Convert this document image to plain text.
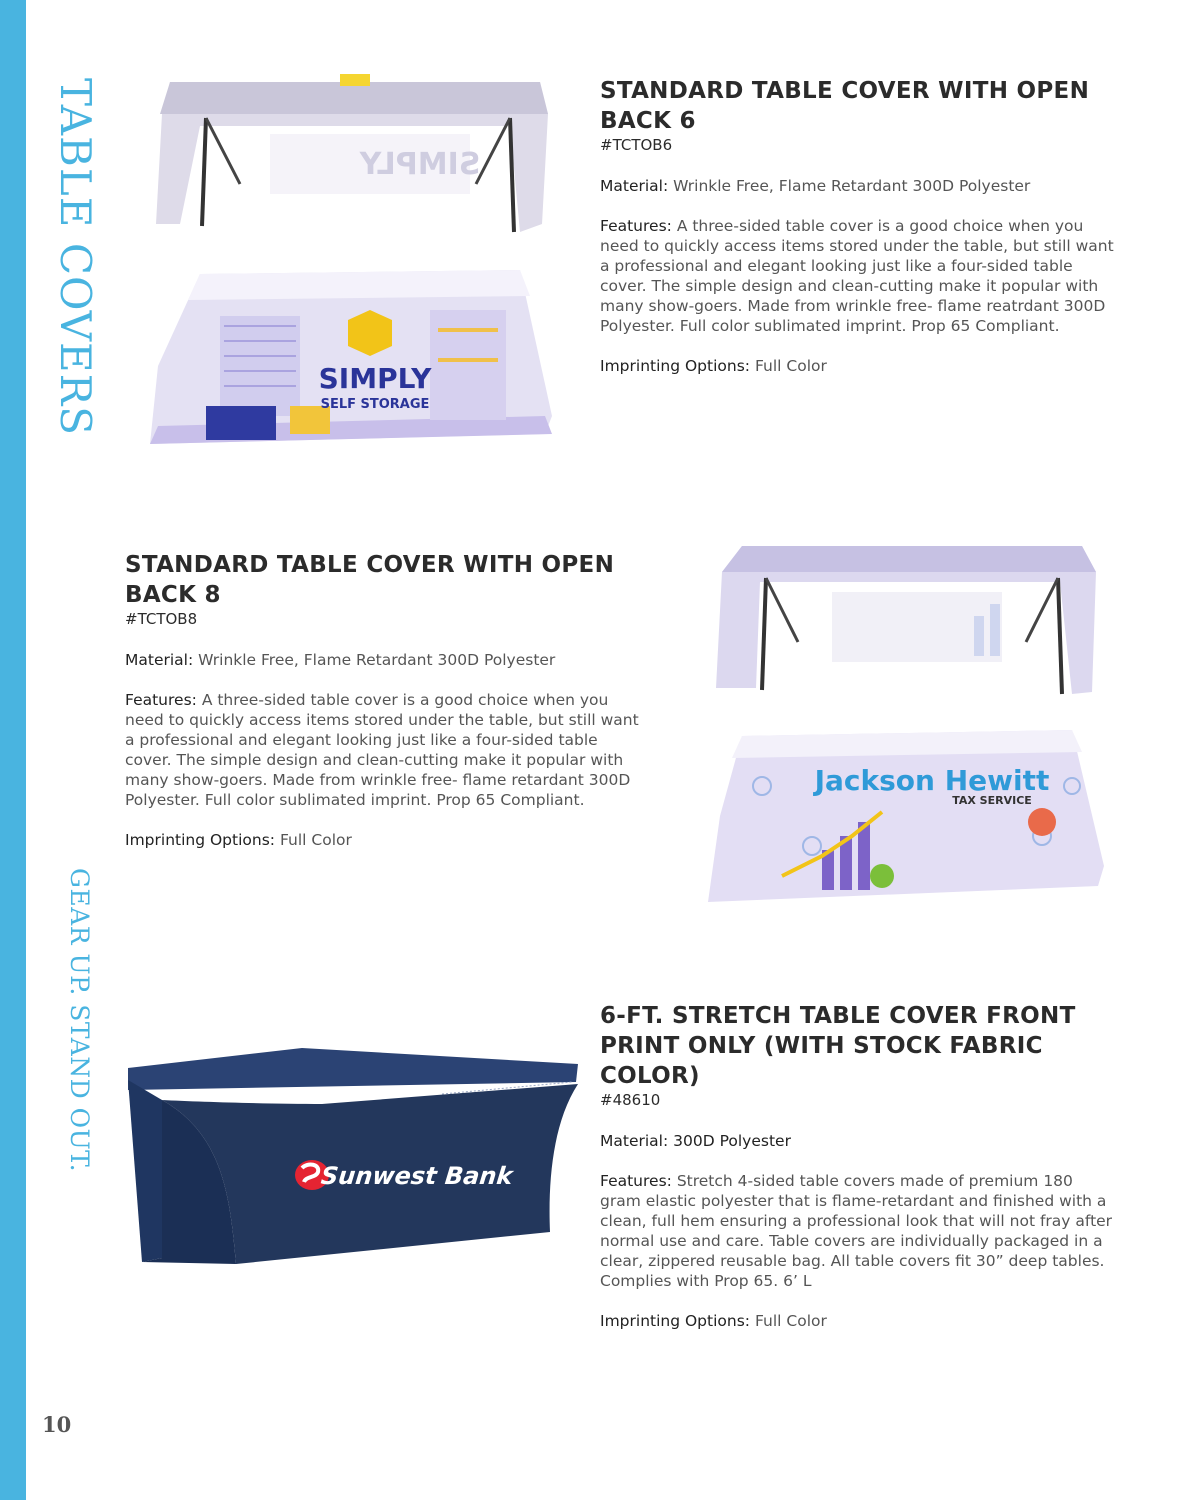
TABLE COVERS
GEAR UP. STAND OUT.
10
SIMPLY
SIMPLY
SELF STORAGE
STANDARD TABLE COVER WITH OPEN BACK 6
#TCTOB6
Material: Wrinkle Free, Flame Retardant 300D Polyester
Features: A three-sided table cover is a good choice when you need to quickly access items stored under the table, but still want a professional and elegant looking just like a four-sided table cover. The simple design and clean-cutting make it popular with many show-goers. Made from wrinkle free- flame reatrdant 300D Polyester. Full color sublimated imprint. Prop 65 Compliant.
Imprinting Options: Full Color
STANDARD TABLE COVER WITH OPEN BACK 8
#TCTOB8
Material: Wrinkle Free, Flame Retardant 300D Polyester
Features: A three-sided table cover is a good choice when you need to quickly access items stored under the table, but still want a professional and elegant looking just like a four-sided table cover. The simple design and clean-cutting make it popular with many show-goers. Made from wrinkle free- flame retardant 300D Polyester. Full color sublimated imprint. Prop 65 Compliant.
Imprinting Options: Full Color
Jackson Hewitt
TAX SERVICE
Sunwest Bank
6-FT. STRETCH TABLE COVER FRONT PRINT ONLY (WITH STOCK FABRIC COLOR)
#48610
Material: 300D Polyester
Features: Stretch 4-sided table covers made of premium 180 gram elastic polyester that is flame-retardant and finished with a clean, full hem ensuring a professional look that will not fray after normal use and care. Table covers are individually packaged in a clear, zippered reusable bag. All table covers fit 30” deep tables. Complies with Prop 65. 6’ L
Imprinting Options: Full Color
